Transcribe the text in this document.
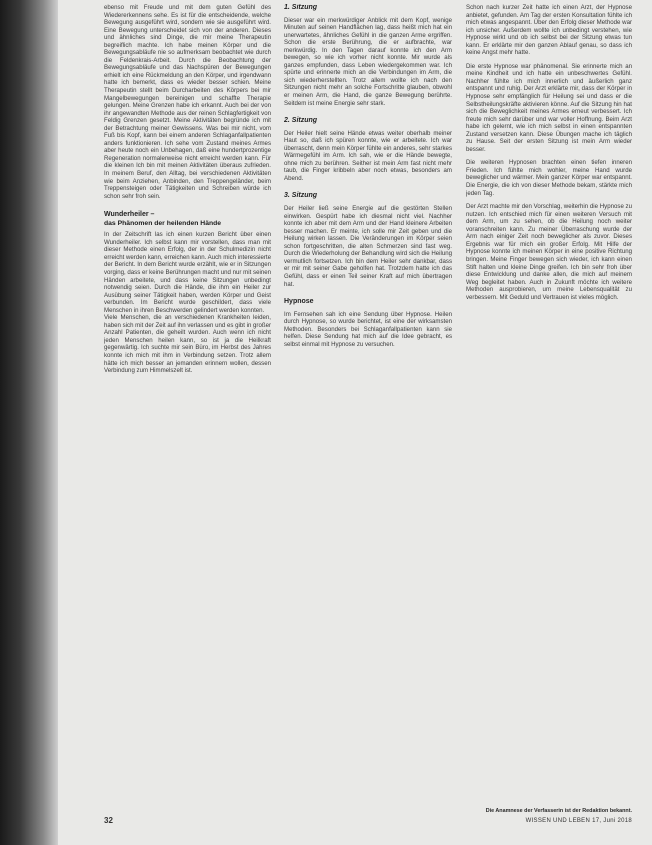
ebenso mit Freude und mit dem guten Gefühl des Wiedererkennens sehe. Es ist für die entscheidende, welche Bewegung ausgeführt wird, sondern wie sie ausgeführt wird. Eine Bewegung unterscheidet sich von der anderen. Dieses und ähnliches sind Dinge, die mir meine Therapeutin begreiflich machte. Ich habe meinen Körper und die Bewegungsabläufe nie so aufmerksam beobachtet wie durch die Feldenkrais-Arbeit. Durch die Beobachtung der Bewegungsabläufe und das Nachspüren der Bewegungen erhielt ich eine Rückmeldung an den Körper, und irgendwann hatte ich bemerkt, dass es wieder besser schien. Meine Therapeutin stellt beim Durcharbeiten des Körpers bei mir Mangelbewegungen bereinigen und schaffte Therapie gelungen. Meine Grenzen habe ich erkannt. Auch bei der von ihr angewandten Methode aus der reinen Schlagfertigkeit von Feldig Grenzen gesetzt. Meine Aktivitäten begründe ich mit der Betrachtung meiner Gewissens. Was bei mir nicht, vom Fuß bis Kopf, kann bei einem anderen Schlaganfallpatienten anders funktionieren. Ich sehe vom Zustand meines Armes aber heute noch ein Unbehagen, daß eine hundertprozentige Regeneration normalerweise nicht erreicht werden kann. Für die kleinen Ich bin mit meinen Aktivitäten überaus zufrieden. In meinem Beruf, den Alltag, bei verschiedenen Aktivitäten wie beim Anziehen, Anbinden, den Treppengeländer, beim Treppensteigen oder Tätigkeiten und Schreiben würde ich schon sehr froh sein.

Wunderheiler –
das Phänomen der heilenden Hände

In der Zeitschrift las ich einen kurzen Bericht über einen Wunderheiler. Ich selbst kann mir vorstellen, dass man mit dieser Methode einen Erfolg, der in der Schulmedizin nicht erreicht werden kann, erreichen kann. Auch mich interessierte der Bericht. In dem Bericht wurde erzählt, wie er in Sitzungen vorging, dass er keine Berührungen macht und nur mit seinen Händen arbeitete, und dass keine Sitzungen unbedingt notwendig seien. Durch die Hände, die ihm ein Heiler zur Ausübung seiner Tätigkeit haben, werden Körper und Geist verbunden. Im Bericht wurde geschildert, dass viele Menschen in ihren Beschwerden gelindert werden konnten.

Viele Menschen, die an verschiedenen Krankheiten leiden, haben sich mit der Zeit auf ihn verlassen und es gibt in großer Anzahl Patienten, die geheilt wurden. Auch wenn ich nicht jeden Menschen heilen kann, so ist ja die Heilkraft gegenwärtig. Ich suchte mir sein Büro, im Herbst des Jahres konnte ich mich mit ihm in Verbindung setzen. Trotz allem hätte ich mich besser an jemanden erinnern wollen, dessen Verbindung zum Himmelszelt ist.

1. Sitzung

Dieser war ein merkwürdiger Anblick mit dem Kopf, wenige Minuten auf seinen Handflächen lag, dass heißt mich hat ein unerwartetes, ähnliches Gefühl in die ganzen Arme ergriffen. Schon die erste Berührung, die er aufbrachte, war merkwürdig. In den Tagen darauf konnte ich den Arm bewegen, so wie ich vorher nicht konnte. Mir wurde als ganzes empfunden, dass Leben wiedergekommen war. Ich spürte und erinnerte mich an die Verbindungen im Arm, die sich wiederherstellten. Trotz allem wollte ich nach den Sitzungen nicht mehr an solche Fortschritte glauben, obwohl er meinen Arm, die Hand, die ganze Bewegung berührte. Seitdem ist meine Energie sehr stark.

2. Sitzung

Der Heiler hielt seine Hände etwas weiter oberhalb meiner Haut so, daß ich spüren konnte, wie er arbeitete. Ich war überrascht, denn mein Körper fühlte ein anderes, sehr starkes Wärmegefühl im Arm. Ich sah, wie er die Hände bewegte, ohne mich zu berühren. Seither ist mein Arm fast nicht mehr taub, die Finger kribbeln aber noch etwas, besonders am Abend.

3. Sitzung

Der Heiler ließ seine Energie auf die gestörten Stellen einwirken. Gespürt habe ich diesmal nicht viel. Nachher konnte ich aber mit dem Arm und der Hand kleinere Arbeiten besser machen. Er meinte, ich solle mir Zeit geben und die Heilung wirken lassen. Die Veränderungen im Körper seien schon fortgeschritten, die alten Schmerzen sind fast weg. Durch die Wiederholung der Behandlung wird sich die Heilung vermutlich fortsetzen. Ich bin dem Heiler sehr dankbar, dass er mir mit seiner Gabe geholfen hat. Trotzdem hatte ich das Gefühl, dass er einen Teil seiner Kraft auf mich übertragen hat.

Hypnose

Im Fernsehen sah ich eine Sendung über Hypnose. Heilen durch Hypnose, so wurde berichtet, ist eine der wirksamsten Methoden. Besonders bei Schlaganfallpatienten kann sie helfen. Diese Sendung hat mich auf die Idee gebracht, es selbst einmal mit Hypnose zu versuchen.

Schon nach kurzer Zeit hatte ich einen Arzt, der Hypnose anbietet, gefunden. Am Tag der ersten Konsultation fühlte ich mich etwas angespannt. Über den Erfolg dieser Methode war ich unsicher. Außerdem wollte ich unbedingt verstehen, wie Hypnose wirkt und ob ich selbst bei der Sitzung etwas tun kann. Er erklärte mir den ganzen Ablauf genau, so dass ich keine Angst mehr hatte.

Die erste Hypnose war phänomenal. Sie erinnerte mich an meine Kindheit und ich hatte ein unbeschwertes Gefühl. Nachher fühlte ich mich innerlich und äußerlich ganz entspannt und ruhig. Der Arzt erklärte mir, dass der Körper in Hypnose sehr empfänglich für Heilung sei und dass er die Selbstheilungskräfte aktivieren könne. Auf die Sitzung hin hat sich die Beweglichkeit meines Armes erneut verbessert. Ich freute mich sehr darüber und war voller Hoffnung. Beim Arzt habe ich gelernt, wie ich mich selbst in einen entspannten Zustand versetzen kann. Diese Übungen mache ich täglich zu Hause. Seit der ersten Sitzung ist mein Arm wieder besser.

Die weiteren Hypnosen brachten einen tiefen inneren Frieden. Ich fühlte mich wohler, meine Hand wurde beweglicher und wärmer. Mein ganzer Körper war entspannt. Die Energie, die ich von dieser Methode bekam, stärkte mich jeden Tag.

Der Arzt machte mir den Vorschlag, weiterhin die Hypnose zu nutzen. Ich entschied mich für einen weiteren Versuch mit dem Arm, um zu sehen, ob die Heilung noch weiter voranschreiten kann. Zu meiner Überraschung wurde der Arm nach einiger Zeit noch beweglicher als zuvor. Dieses Ergebnis war für mich ein großer Erfolg. Mit Hilfe der Hypnose konnte ich meinen Körper in eine positive Richtung bringen. Meine Finger bewegen sich wieder, ich kann einen Stift halten und kleine Dinge greifen. Ich bin sehr froh über diese Entwicklung und danke allen, die mich auf meinem Weg begleitet haben. Auch in Zukunft möchte ich weitere Methoden ausprobieren, um meine Lebensqualität zu verbessern. Mit Geduld und Vertrauen ist vieles möglich.

Die Anamnese der Verfasserin ist der Redaktion bekannt.
32	WISSEN UND LEBEN 17, Juni 2018
